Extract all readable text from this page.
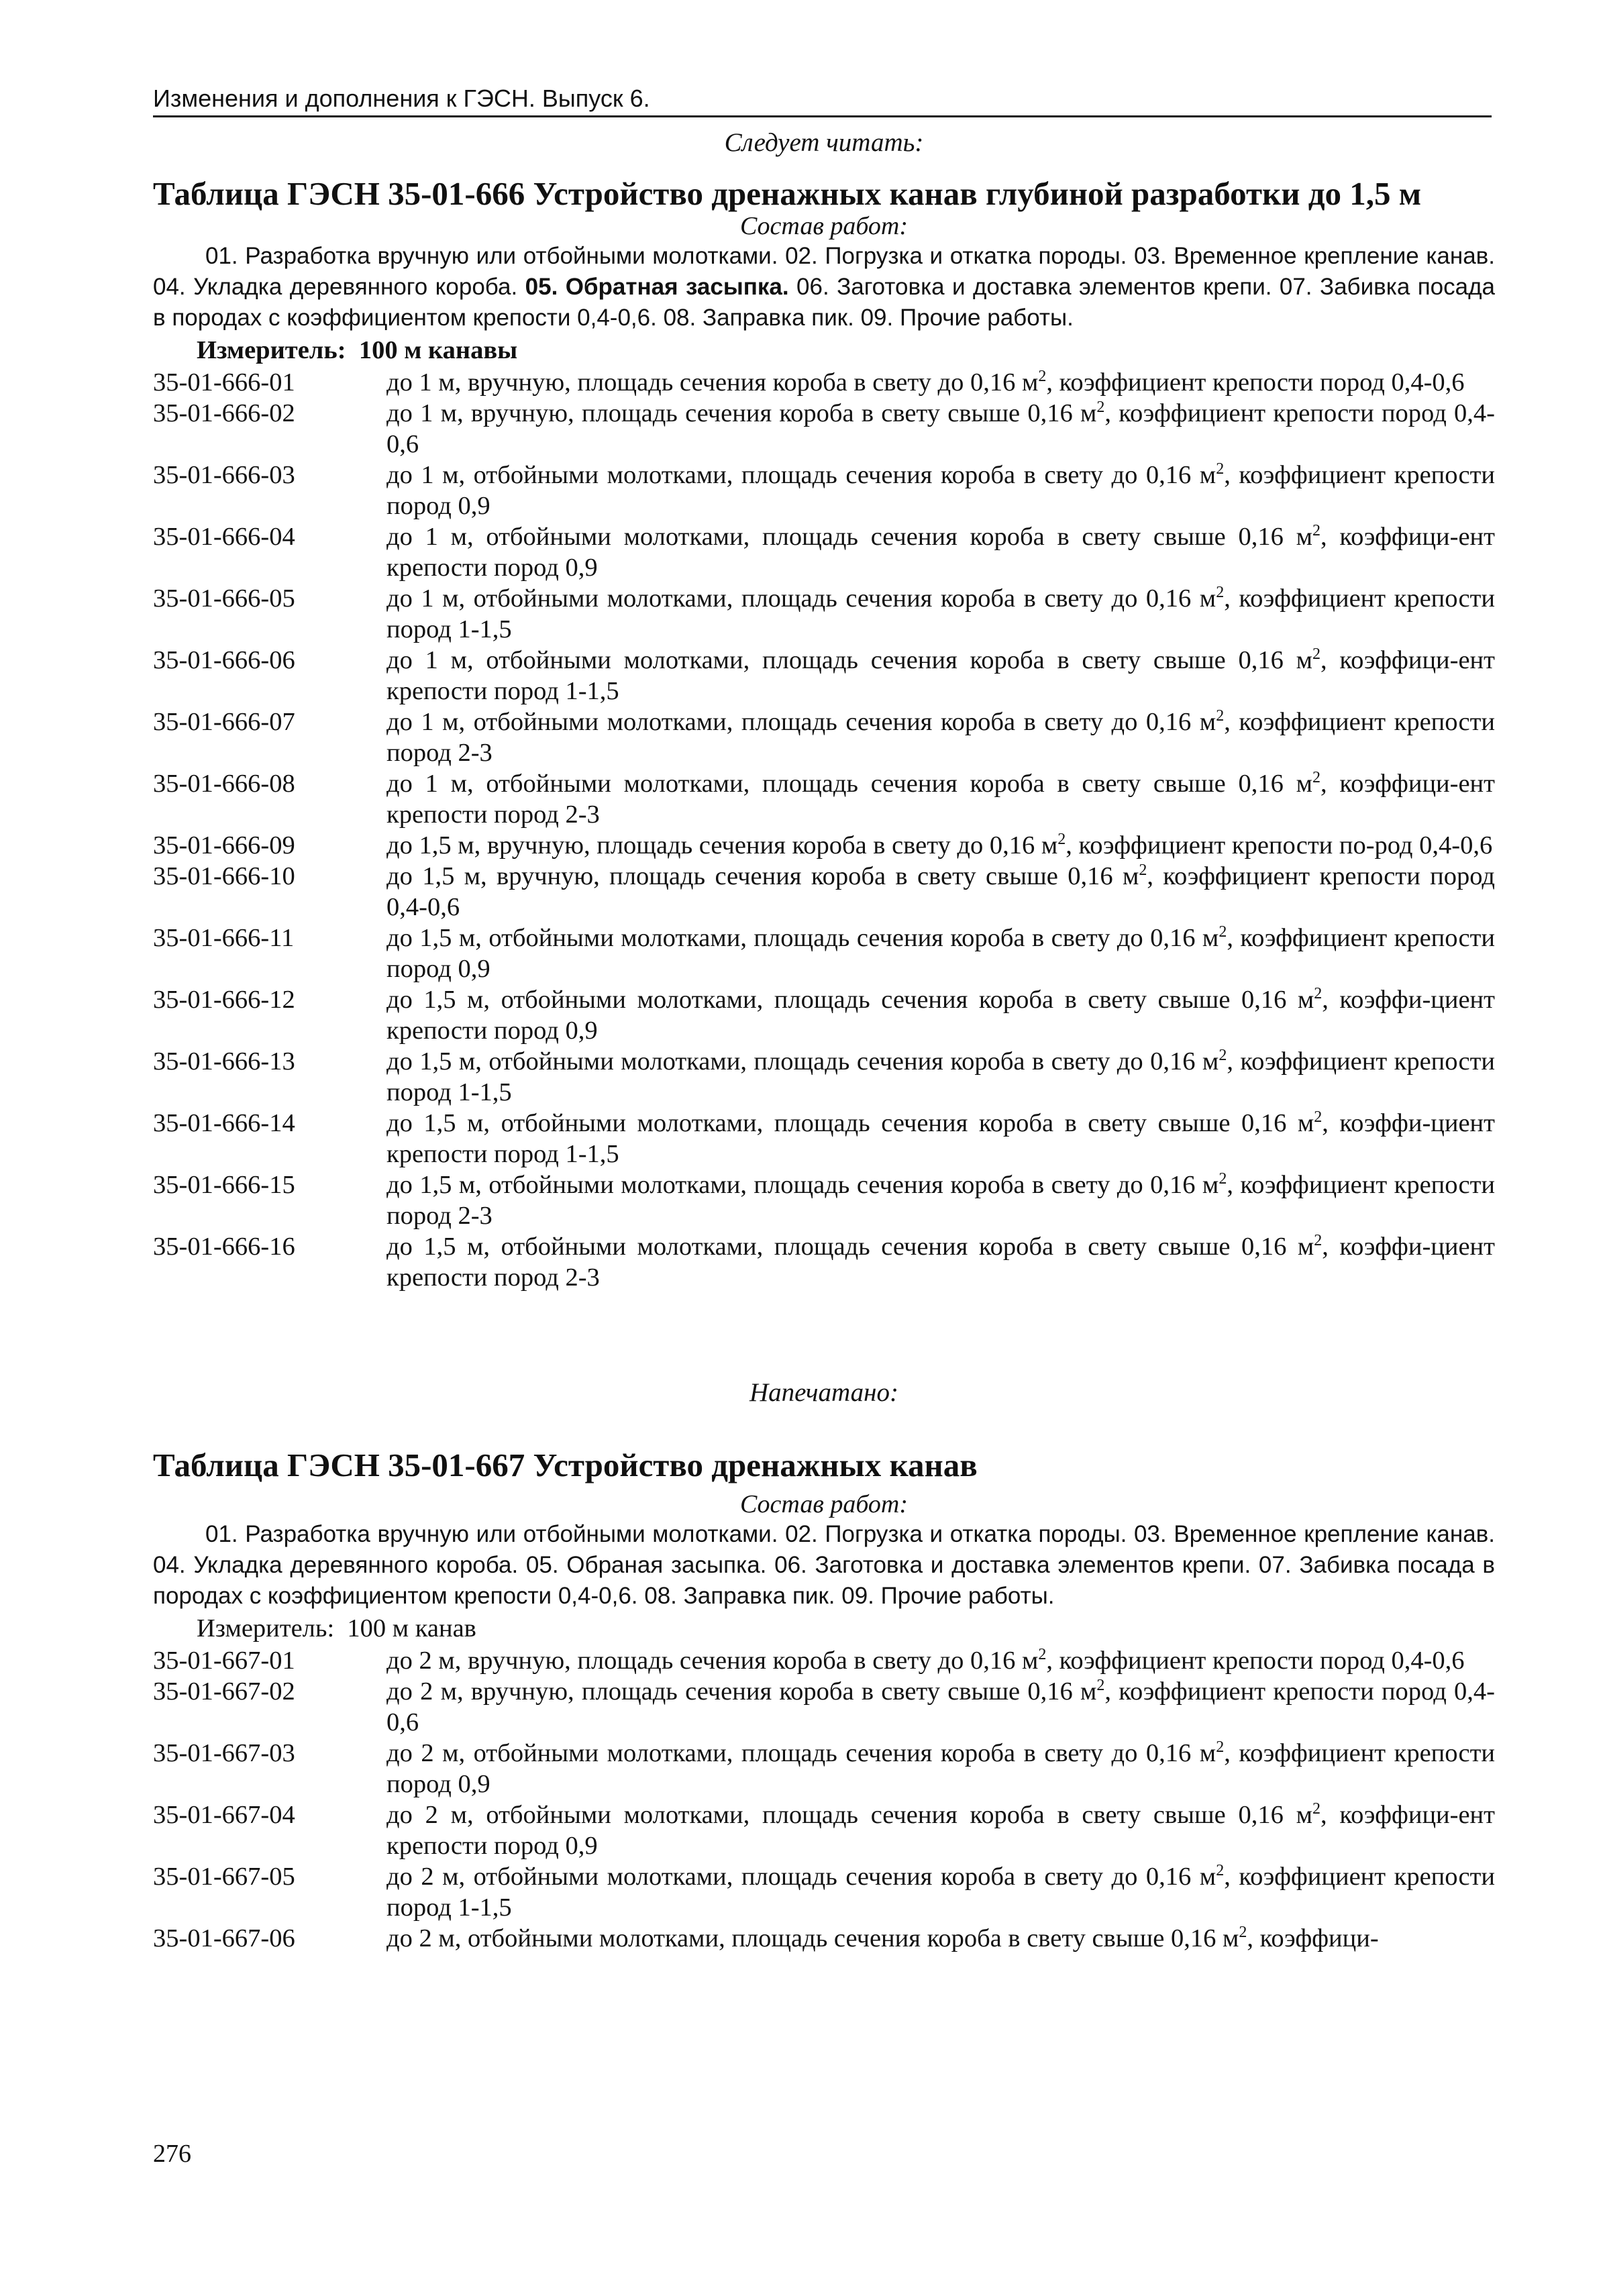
Изменения и дополнения к ГЭСН. Выпуск 6.
Следует читать:
Таблица ГЭСН 35-01-666 Устройство дренажных канав глубиной разработки до 1,5 м
Состав работ:
01. Разработка вручную или отбойными молотками. 02. Погрузка и откатка породы. 03. Временное крепление канав. 04. Укладка деревянного короба. 05. Обратная засыпка. 06. Заготовка и доставка элементов крепи. 07. Забивка посада в породах с коэффициентом крепости 0,4-0,6. 08. Заправка пик. 09. Прочие работы.
Измеритель: 100 м канавы
35-01-666-01	до 1 м, вручную, площадь сечения короба в свету до 0,16 $м^2$, коэффициент крепости пород 0,4-0,6
35-01-666-02	до 1 м, вручную, площадь сечения короба в свету свыше 0,16 $м^2$, коэффициент крепости пород 0,4-0,6
35-01-666-03	до 1 м, отбойными молотками, площадь сечения короба в свету до 0,16 $м^2$, коэффициент крепости пород 0,9
35-01-666-04	до 1 м, отбойными молотками, площадь сечения короба в свету свыше 0,16 $м^2$, коэффици-ент крепости пород 0,9
35-01-666-05	до 1 м, отбойными молотками, площадь сечения короба в свету до 0,16 $м^2$, коэффициент крепости пород 1-1,5
35-01-666-06	до 1 м, отбойными молотками, площадь сечения короба в свету свыше 0,16 $м^2$, коэффици-ент крепости пород 1-1,5
35-01-666-07	до 1 м, отбойными молотками, площадь сечения короба в свету до 0,16 $м^2$, коэффициент крепости пород 2-3
35-01-666-08	до 1 м, отбойными молотками, площадь сечения короба в свету свыше 0,16 $м^2$, коэффици-ент крепости пород 2-3
35-01-666-09	до 1,5 м, вручную, площадь сечения короба в свету до 0,16 $м^2$, коэффициент крепости по-род 0,4-0,6
35-01-666-10	до 1,5 м, вручную, площадь сечения короба в свету свыше 0,16 $м^2$, коэффициент крепости пород 0,4-0,6
35-01-666-11	до 1,5 м, отбойными молотками, площадь сечения короба в свету до 0,16 $м^2$, коэффициент крепости пород 0,9
35-01-666-12	до 1,5 м, отбойными молотками, площадь сечения короба в свету свыше 0,16 $м^2$, коэффи-циент крепости пород 0,9
35-01-666-13	до 1,5 м, отбойными молотками, площадь сечения короба в свету до 0,16 $м^2$, коэффициент крепости пород 1-1,5
35-01-666-14	до 1,5 м, отбойными молотками, площадь сечения короба в свету свыше 0,16 $м^2$, коэффи-циент крепости пород 1-1,5
35-01-666-15	до 1,5 м, отбойными молотками, площадь сечения короба в свету до 0,16 $м^2$, коэффициент крепости пород 2-3
35-01-666-16	до 1,5 м, отбойными молотками, площадь сечения короба в свету свыше 0,16 $м^2$, коэффи-циент крепости пород 2-3
Напечатано:
Таблица ГЭСН 35-01-667 Устройство дренажных канав
Состав работ:
01. Разработка вручную или отбойными молотками. 02. Погрузка и откатка породы. 03. Временное крепление канав. 04. Укладка деревянного короба. 05. Обраная засыпка. 06. Заготовка и доставка элементов крепи. 07. Забивка посада в породах с коэффициентом крепости 0,4-0,6. 08. Заправка пик. 09. Прочие работы.
Измеритель: 100 м канав
35-01-667-01	до 2 м, вручную, площадь сечения короба в свету до 0,16 $м^2$, коэффициент крепости пород 0,4-0,6
35-01-667-02	до 2 м, вручную, площадь сечения короба в свету свыше 0,16 $м^2$, коэффициент крепости пород 0,4-0,6
35-01-667-03	до 2 м, отбойными молотками, площадь сечения короба в свету до 0,16 $м^2$, коэффициент крепости пород 0,9
35-01-667-04	до 2 м, отбойными молотками, площадь сечения короба в свету свыше 0,16 $м^2$, коэффици-ент крепости пород 0,9
35-01-667-05	до 2 м, отбойными молотками, площадь сечения короба в свету до 0,16 $м^2$, коэффициент крепости пород 1-1,5
35-01-667-06	до 2 м, отбойными молотками, площадь сечения короба в свету свыше 0,16 $м^2$, коэффици-
276
